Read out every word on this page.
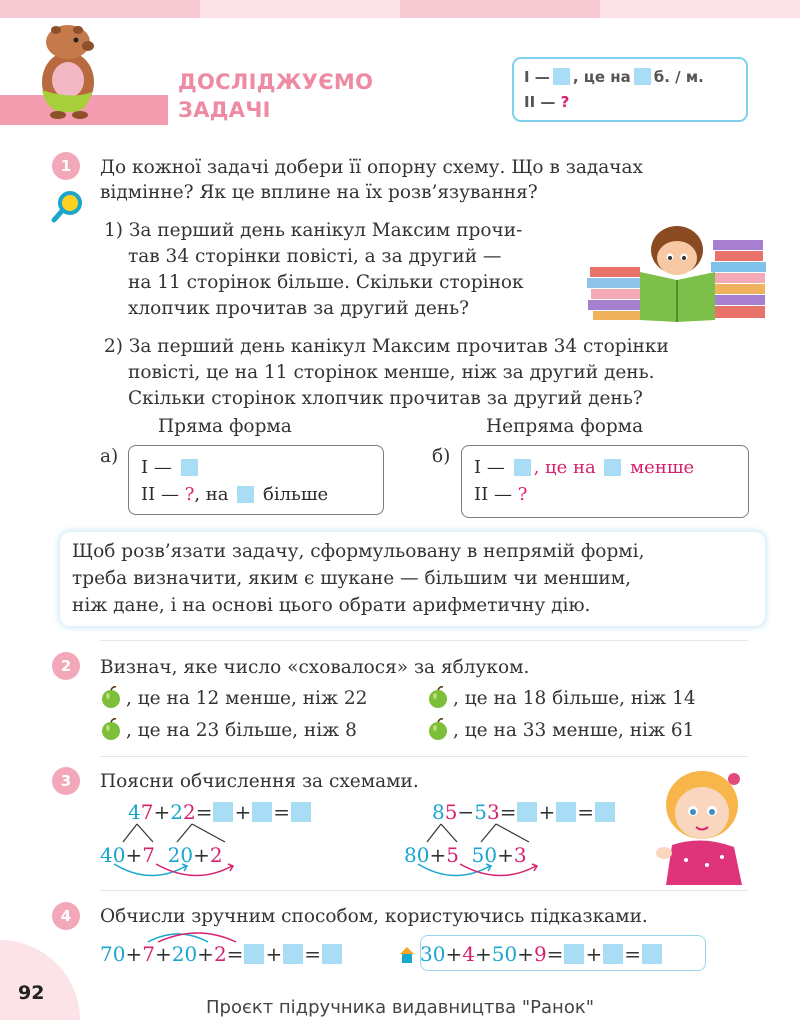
ДОСЛІДЖУЄМО
ЗАДАЧІ
І — , це на б. / м.
ІІ — ?
1	До кожної задачі добери її опорну схему. Що в задачах
відмінне? Як це вплине на їх розв’язування?
1) За перший день канікул Максим прочи-
тав 34 сторінки повісті, а за другий —
на 11 сторінок більше. Скільки сторінок
хлопчик прочитав за другий день?
2) За перший день канікул Максим прочитав 34 сторінки
повісті, це на 11 сторінок менше, ніж за другий день.
Скільки сторінок хлопчик прочитав за другий день?
Пряма форма	Непряма форма
а)	б)
I —
II — ?, на більше
I — , це на менше
II — ?
Щоб розв’язати задачу, сформульовану в непрямій формі,
треба визначити, яким є шукане — більшим чи меншим,
ніж дане, і на основі цього обрати арифметичну дію.
2	Визнач, яке число «сховалося» за яблуком.
, це на 12 менше, ніж 22	, це на 18 більше, ніж 14
, це на 23 більше, ніж 8	, це на 33 менше, ніж 61
3	Поясни обчислення за схемами.
47+22= + =
40+7 20+2
85−53= + =
80+5 50+3
4	Обчисли зручним способом, користуючись підказками.
70+7+20+2= + =	30+4+50+9= + =
92
Проєкт підручника видавництва "Ранок"
